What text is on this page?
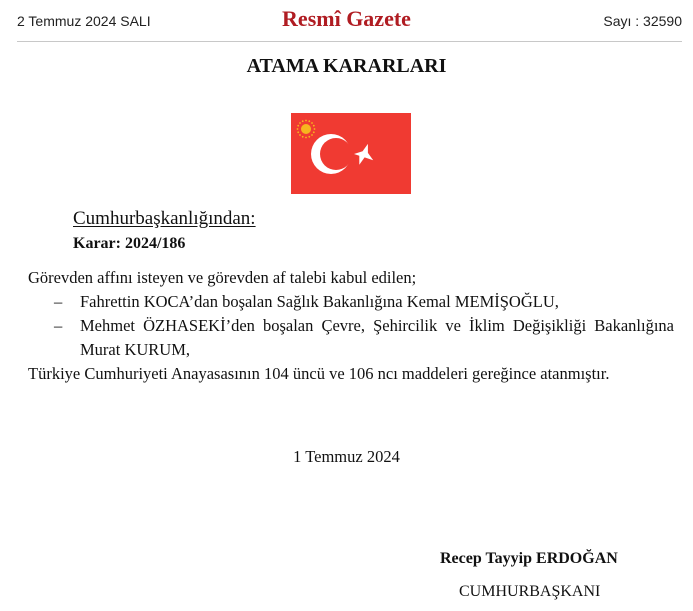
2 Temmuz 2024 SALI	Resmî Gazete	Sayı : 32590
ATAMA KARARLARI
Cumhurbaşkanlığından:
Karar: 2024/186
Görevden affını isteyen ve görevden af talebi kabul edilen;
– Fahrettin KOCA’dan boşalan Sağlık Bakanlığına Kemal MEMİŞOĞLU,
– Mehmet ÖZHASEKİ’den boşalan Çevre, Şehircilik ve İklim Değişikliği Bakanlığına Murat KURUM,
Türkiye Cumhuriyeti Anayasasının 104 üncü ve 106 ncı maddeleri gereğince atanmıştır.
1 Temmuz 2024
Recep Tayyip ERDOĞAN
CUMHURBAŞKANI
